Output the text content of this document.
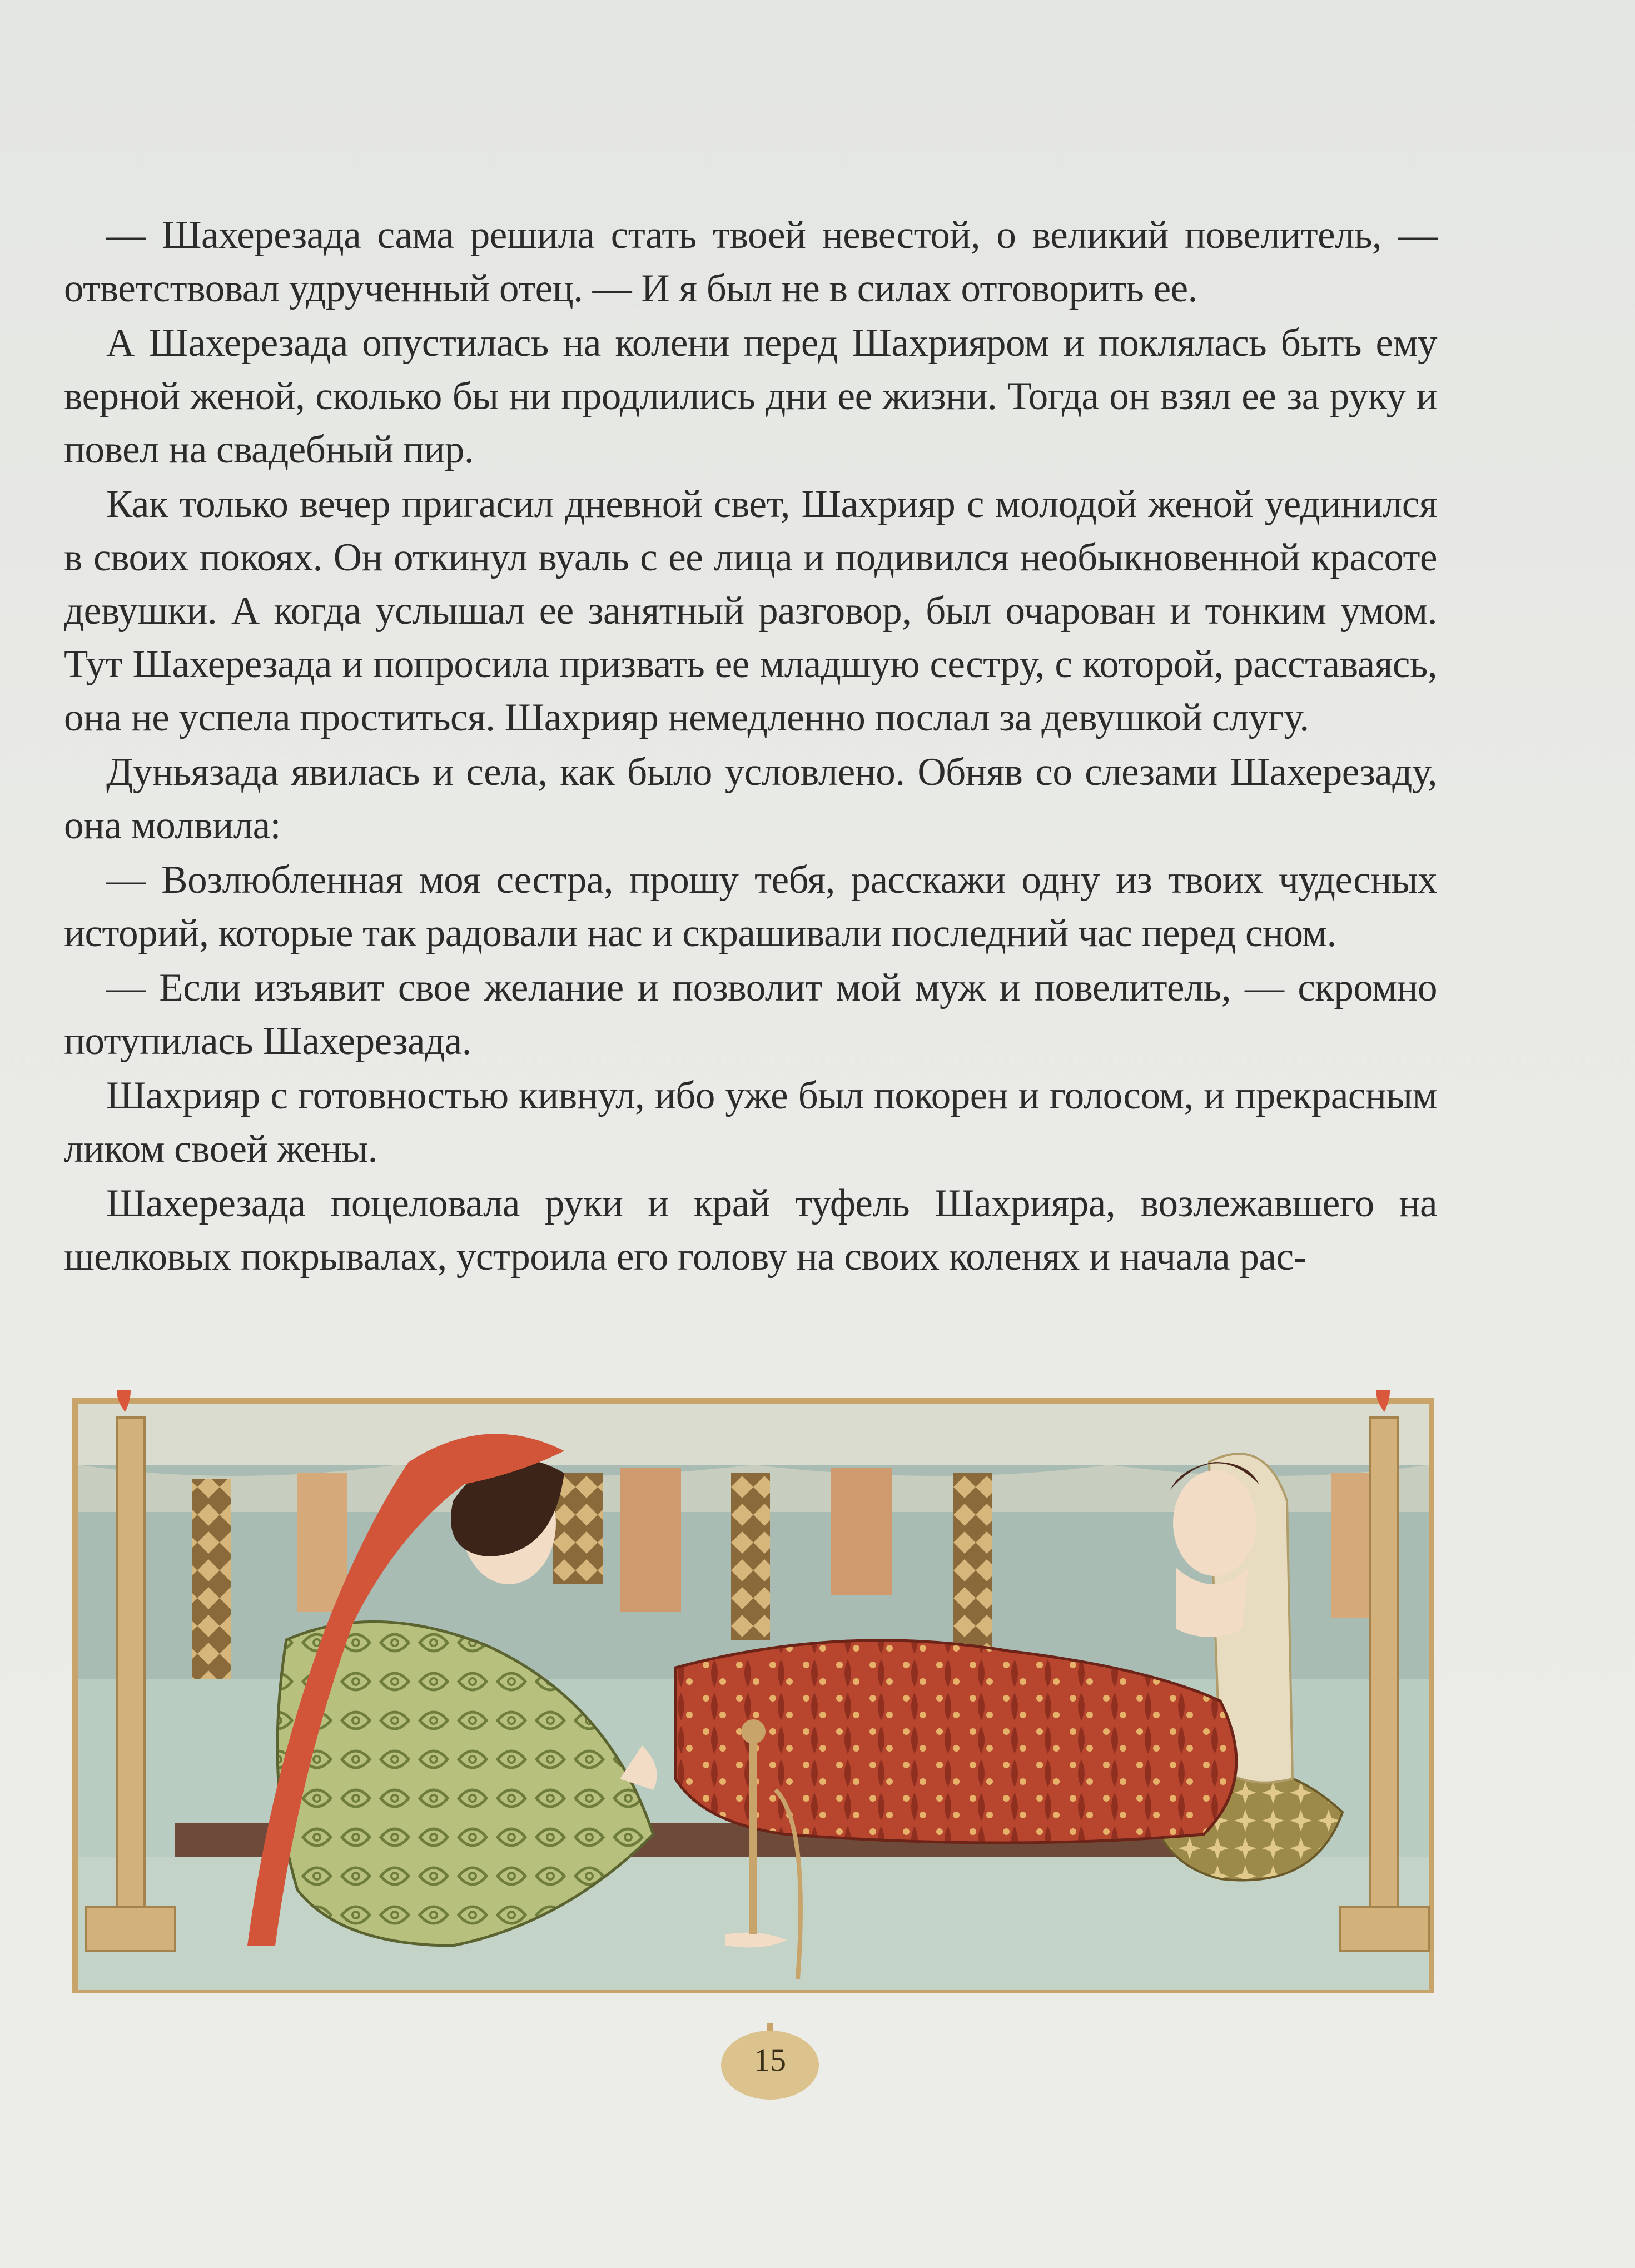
— Шахерезада сама решила стать твоей невестой, о великий повелитель, — ответствовал удрученный отец. — И я был не в силах отговорить ее.

А Шахерезада опустилась на колени перед Шахрияром и поклялась быть ему верной женой, сколько бы ни продлились дни ее жизни. Тогда он взял ее за руку и повел на свадебный пир.

Как только вечер пригасил дневной свет, Шахрияр с молодой женой уединился в своих покоях. Он откинул вуаль с ее лица и подивился необыкновенной красоте девушки. А когда услышал ее занятный разговор, был очарован и тонким умом. Тут Шахерезада и попросила призвать ее младшую сестру, с которой, расставаясь, она не успела проститься. Шахрияр немедленно послал за девушкой слугу.

Дуньязада явилась и села, как было условлено. Обняв со слезами Шахерезаду, она молвила:

— Возлюбленная моя сестра, прошу тебя, расскажи одну из твоих чудесных историй, которые так радовали нас и скрашивали последний час перед сном.

— Если изъявит свое желание и позволит мой муж и повелитель, — скромно потупилась Шахерезада.

Шахрияр с готовностью кивнул, ибо уже был покорен и голосом, и прекрасным ликом своей жены.

Шахерезада поцеловала руки и край туфель Шахрияра, возлежавшего на шелковых покрывалах, устроила его голову на своих коленях и начала рас-

15
